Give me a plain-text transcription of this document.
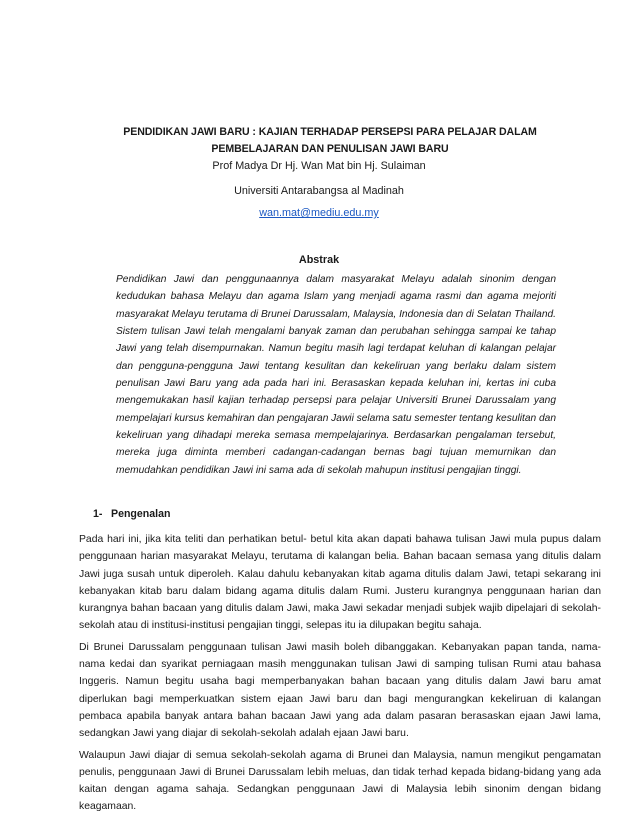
PENDIDIKAN JAWI BARU : KAJIAN TERHADAP PERSEPSI PARA PELAJAR DALAM PEMBELAJARAN DAN PENULISAN JAWI BARU
Prof Madya Dr Hj. Wan Mat bin Hj. Sulaiman
Universiti Antarabangsa al Madinah
wan.mat@mediu.edu.my
Abstrak

Pendidikan Jawi dan penggunaannya dalam masyarakat Melayu adalah sinonim dengan kedudukan bahasa Melayu dan agama Islam yang menjadi agama rasmi dan agama mejoriti masyarakat Melayu terutama di Brunei Darussalam, Malaysia, Indonesia dan di Selatan Thailand. Sistem tulisan Jawi telah mengalami banyak zaman dan perubahan sehingga sampai ke tahap Jawi yang telah disempurnakan. Namun begitu masih lagi terdapat keluhan di kalangan pelajar dan pengguna-pengguna Jawi tentang kesulitan dan kekeliruan yang berlaku dalam sistem penulisan Jawi Baru yang ada pada hari ini. Berasaskan kepada keluhan ini, kertas ini cuba mengemukakan hasil kajian terhadap persepsi para pelajar Universiti Brunei Darussalam yang mempelajari kursus kemahiran dan pengajaran Jawii selama satu semester tentang kesulitan dan kekeliruan yang dihadapi mereka semasa mempelajarinya. Berdasarkan pengalaman tersebut, mereka juga diminta memberi cadangan-cadangan bernas bagi tujuan memurnikan dan memudahkan pendidikan Jawi ini sama ada di sekolah mahupun institusi pengajian tinggi.

1- Pengenalan

Pada hari ini, jika kita teliti dan perhatikan betul- betul kita akan dapati bahawa tulisan Jawi mula pupus dalam penggunaan harian masyarakat Melayu, terutama di kalangan belia. Bahan bacaan semasa yang ditulis dalam Jawi juga susah untuk diperoleh. Kalau dahulu kebanyakan kitab agama ditulis dalam Jawi, tetapi sekarang ini kebanyakan kitab baru dalam bidang agama ditulis dalam Rumi. Justeru kurangnya penggunaan harian dan kurangnya bahan bacaan yang ditulis dalam Jawi, maka Jawi sekadar menjadi subjek wajib dipelajari di sekolah-sekolah atau di institusi-institusi pengajian tinggi, selepas itu ia dilupakan begitu sahaja.

Di Brunei Darussalam penggunaan tulisan Jawi masih boleh dibanggakan. Kebanyakan papan tanda, nama-nama kedai dan syarikat perniagaan masih menggunakan tulisan Jawi di samping tulisan Rumi atau bahasa Inggeris. Namun begitu usaha bagi memperbanyakan bahan bacaan yang ditulis dalam Jawi baru amat diperlukan bagi memperkuatkan sistem ejaan Jawi baru dan bagi mengurangkan kekeliruan di kalangan pembaca apabila banyak antara bahan bacaan Jawi yang ada dalam pasaran berasaskan ejaan Jawi lama, sedangkan Jawi yang diajar di sekolah-sekolah adalah ejaan Jawi baru.

Walaupun Jawi diajar di semua sekolah-sekolah agama di Brunei dan Malaysia, namun mengikut pengamatan penulis, penggunaan Jawi di Brunei Darussalam lebih meluas, dan tidak terhad kepada bidang-bidang yang ada kaitan dengan agama sahaja. Sedangkan penggunaan Jawi di Malaysia lebih sinonim dengan bidang keagamaan.
